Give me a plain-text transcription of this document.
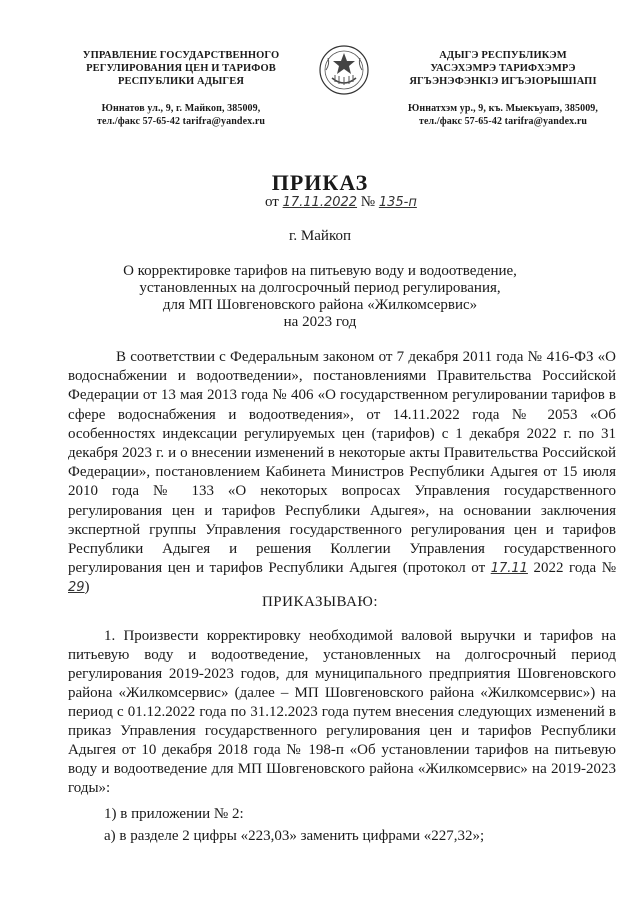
УПРАВЛЕНИЕ ГОСУДАРСТВЕННОГО
РЕГУЛИРОВАНИЯ ЦЕН И ТАРИФОВ
РЕСПУБЛИКИ АДЫГЕЯ
Юннатов ул., 9, г. Майкоп, 385009,
тел./факс 57-65-42 tarifra@yandex.ru
АДЫГЭ РЕСПУБЛИКЭМ
УАСЭХЭМРЭ ТАРИФХЭМРЭ
ЯГЪЭНЭФЭНКIЭ ИГЪЭIОРЫШIАПI
Юннатхэм ур., 9, къ. Мыекъуапэ, 385009,
тел./факс 57-65-42 tarifra@yandex.ru
ПРИКАЗ
от 17.11.2022 № 135-п
г. Майкоп
О корректировке тарифов на питьевую воду и водоотведение,
установленных на долгосрочный период регулирования,
для МП Шовгеновского района «Жилкомсервис»
на 2023 год
В соответствии с Федеральным законом от 7 декабря 2011 года № 416-ФЗ «О водоснабжении и водоотведении», постановлениями Правительства Российской Федерации от 13 мая 2013 года № 406 «О государственном регулировании тарифов в сфере водоснабжения и водоотведения», от 14.11.2022 года № 2053 «Об особенностях индексации регулируемых цен (тарифов) с 1 декабря 2022 г. по 31 декабря 2023 г. и о внесении изменений в некоторые акты Правительства Российской Федерации», постановлением Кабинета Министров Республики Адыгея от 15 июля 2010 года № 133 «О некоторых вопросах Управления государственного регулирования цен и тарифов Республики Адыгея», на основании заключения экспертной группы Управления государственного регулирования цен и тарифов Республики Адыгея и решения Коллегии Управления государственного регулирования цен и тарифов Республики Адыгея (протокол от 17.11 2022 года № 29)
ПРИКАЗЫВАЮ:
1. Произвести корректировку необходимой валовой выручки и тарифов на питьевую воду и водоотведение, установленных на долгосрочный период регулирования 2019-2023 годов, для муниципального предприятия Шовгеновского района «Жилкомсервис» (далее – МП Шовгеновского района «Жилкомсервис») на период с 01.12.2022 года по 31.12.2023 года путем внесения следующих изменений в приказ Управления государственного регулирования цен и тарифов Республики Адыгея от 10 декабря 2018 года № 198-п «Об установлении тарифов на питьевую воду и водоотведение для МП Шовгеновского района «Жилкомсервис» на 2019-2023 годы»:
1) в приложении № 2:
а) в разделе 2 цифры «223,03» заменить цифрами «227,32»;
